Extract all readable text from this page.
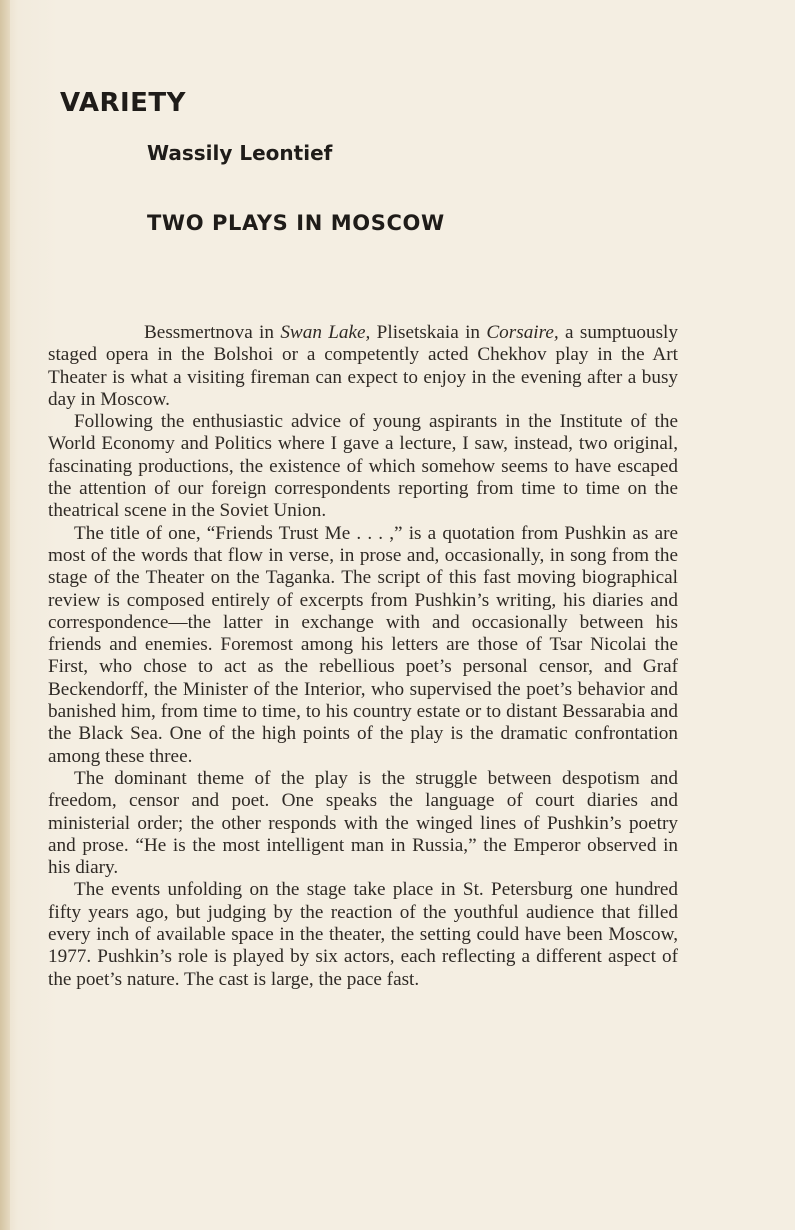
VARIETY
Wassily Leontief
TWO PLAYS IN MOSCOW

Bessmertnova in Swan Lake, Plisetskaia in Corsaire, a sumptuously staged opera in the Bolshoi or a competently acted Chekhov play in the Art Theater is what a visiting fireman can expect to enjoy in the evening after a busy day in Moscow.

Following the enthusiastic advice of young aspirants in the Institute of the World Economy and Politics where I gave a lecture, I saw, instead, two original, fascinating productions, the existence of which somehow seems to have escaped the attention of our foreign correspondents reporting from time to time on the theatrical scene in the Soviet Union.

The title of one, “Friends Trust Me . . . ,” is a quotation from Pushkin as are most of the words that flow in verse, in prose and, occasionally, in song from the stage of the Theater on the Taganka. The script of this fast moving biographical review is composed entirely of excerpts from Pushkin’s writing, his diaries and correspondence—the latter in exchange with and occasionally between his friends and enemies. Foremost among his letters are those of Tsar Nicolai the First, who chose to act as the rebellious poet’s personal censor, and Graf Beckendorff, the Minister of the Interior, who supervised the poet’s behavior and banished him, from time to time, to his country estate or to distant Bessarabia and the Black Sea. One of the high points of the play is the dramatic confrontation among these three.

The dominant theme of the play is the struggle between despotism and freedom, censor and poet. One speaks the language of court diaries and ministerial order; the other responds with the winged lines of Pushkin’s poetry and prose. “He is the most intelligent man in Russia,” the Emperor observed in his diary.

The events unfolding on the stage take place in St. Petersburg one hundred fifty years ago, but judging by the reaction of the youthful audience that filled every inch of available space in the theater, the setting could have been Moscow, 1977. Pushkin’s role is played by six actors, each reflecting a different aspect of the poet’s nature. The cast is large, the pace fast.
